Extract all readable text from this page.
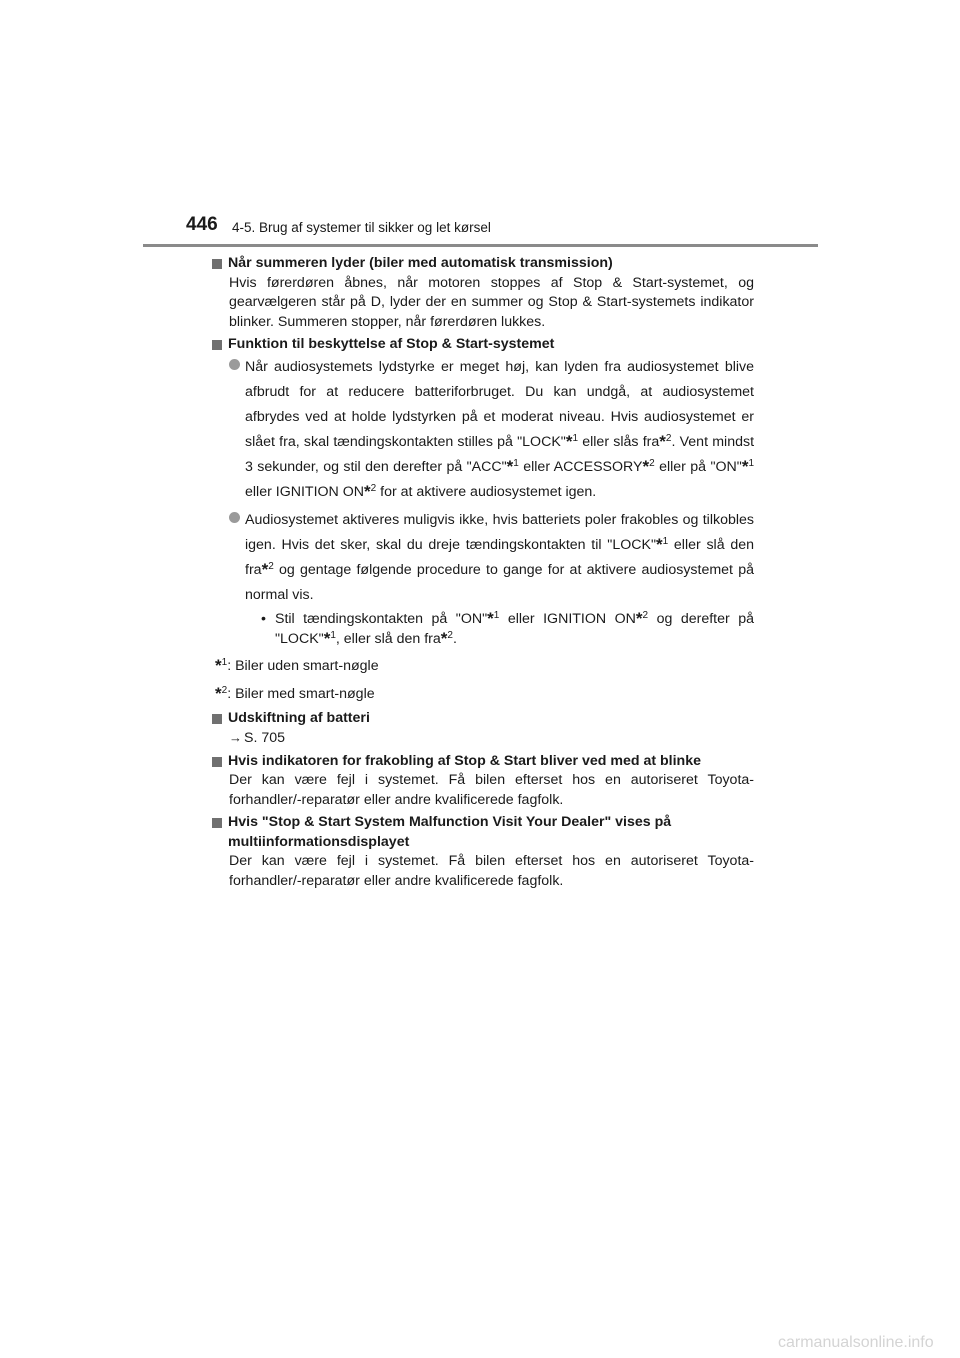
446 4-5. Brug af systemer til sikker og let kørsel
Når summeren lyder (biler med automatisk transmission)
Hvis førerdøren åbnes, når motoren stoppes af Stop & Start-systemet, og gearvælgeren står på D, lyder der en summer og Stop & Start-systemets indikator blinker. Summeren stopper, når førerdøren lukkes.
Funktion til beskyttelse af Stop & Start-systemet
Når audiosystemets lydstyrke er meget høj, kan lyden fra audiosystemet blive afbrudt for at reducere batteriforbruget. Du kan undgå, at audiosystemet afbrydes ved at holde lydstyrken på et moderat niveau. Hvis audiosystemet er slået fra, skal tændingskontakten stilles på "LOCK"*$^1$ eller slås fra*$^2$. Vent mindst 3 sekunder, og stil den derefter på "ACC"*$^1$ eller ACCESSORY*$^2$ eller på "ON"*$^1$ eller IGNITION ON*$^2$ for at aktivere audiosystemet igen.
Audiosystemet aktiveres muligvis ikke, hvis batteriets poler frakobles og tilkobles igen. Hvis det sker, skal du dreje tændingskontakten til "LOCK"*$^1$ eller slå den fra*$^2$ og gentage følgende procedure to gange for at aktivere audiosystemet på normal vis.
• Stil tændingskontakten på "ON"*$^1$ eller IGNITION ON*$^2$ og derefter på "LOCK"*$^1$, eller slå den fra*$^2$.
*$^1$: Biler uden smart-nøgle
*$^2$: Biler med smart-nøgle
Udskiftning af batteri
→ S. 705
Hvis indikatoren for frakobling af Stop & Start bliver ved med at blinke
Der kan være fejl i systemet. Få bilen efterset hos en autoriseret Toyota-forhandler/-reparatør eller andre kvalificerede fagfolk.
Hvis "Stop & Start System Malfunction Visit Your Dealer" vises på multiinformationsdisplayet
Der kan være fejl i systemet. Få bilen efterset hos en autoriseret Toyota-forhandler/-reparatør eller andre kvalificerede fagfolk.
carmanualsonline.info
